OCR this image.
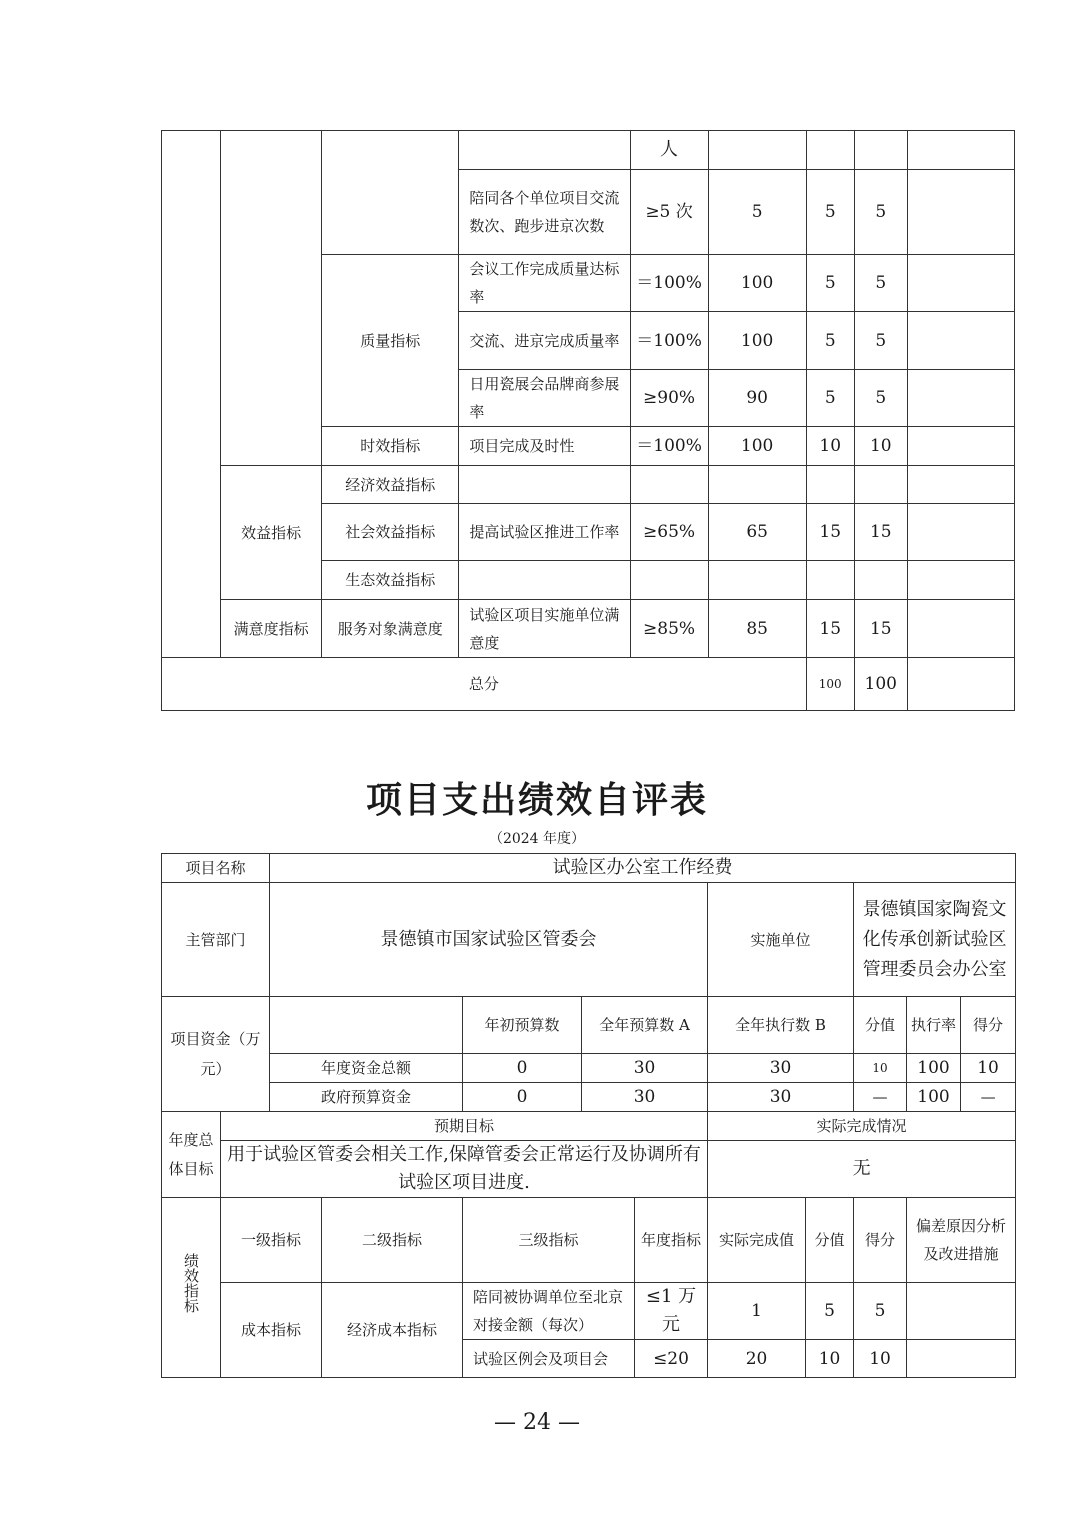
				人				
			陪同各个单位项目交流数次、跑步进京次数	≥5 次	5	5	5	
		质量指标	会议工作完成质量达标率	＝100%	100	5	5	
			交流、进京完成质量率	＝100%	100	5	5	
			日用瓷展会品牌商参展率	≥90%	90	5	5	
		时效指标	项目完成及时性	＝100%	100	10	10	
	效益指标	经济效益指标						
		社会效益指标	提高试验区推进工作率	≥65%	65	15	15	
		生态效益指标						
	满意度指标	服务对象满意度	试验区项目实施单位满意度	≥85%	85	15	15	
总分						100	100	
项目支出绩效自评表
（2024 年度）
项目名称		试验区办公室工作经费									
主管部门		景德镇市国家试验区管委会					实施单位		景德镇国家陶瓷文化传承创新试验区管理委员会办公室		
项目资金（万元）				年初预算数	全年预算数 A		全年执行数 B		分值	执行率	得分
		年度资金总额		0	30		30		10	100	10
		政府预算资金		0	30		30		—	100	—
年度总体目标	预期目标						实际完成情况				
	用于试验区管委会相关工作,保障管委会正常运行及协调所有试验区项目进度.						无				
绩效指标	一级指标		二级指标	三级指标		年度指标	实际完成值	分值	得分	偏差原因分析及改进措施	
	成本指标		经济成本指标	陪同被协调单位至北京对接金额（每次）		≤1 万元	1	5	5		
				试验区例会及项目会		≤20	20	10	10		
— 24 —
